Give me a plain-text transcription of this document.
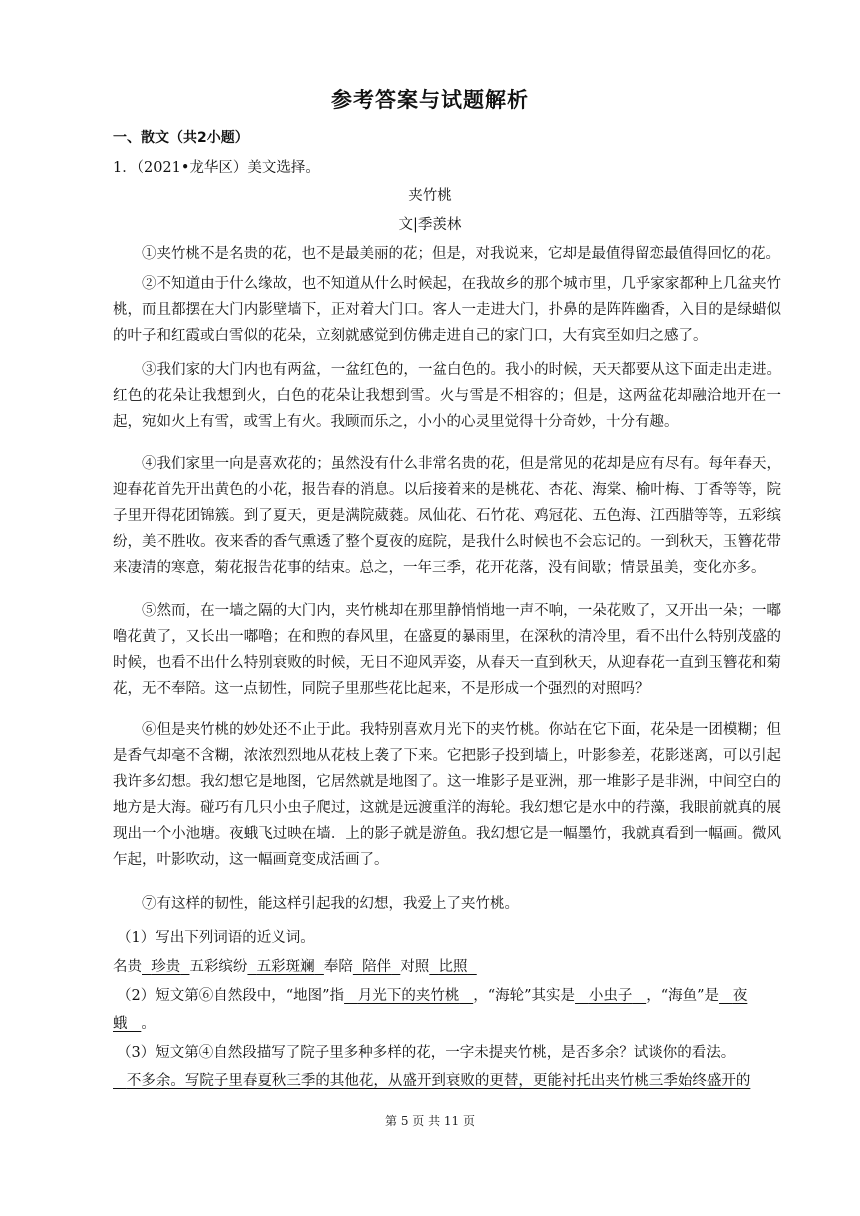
参考答案与试题解析
一、散文（共2小题）
1．（2021•龙华区）美文选择。
夹竹桃
文|季羡林
①夹竹桃不是名贵的花，也不是最美丽的花；但是，对我说来，它却是最值得留恋最值得回忆的花。
②不知道由于什么缘故，也不知道从什么时候起，在我故乡的那个城市里，几乎家家都种上几盆夹竹桃，而且都摆在大门内影壁墙下，正对着大门口。客人一走进大门，扑鼻的是阵阵幽香，入目的是绿蜡似的叶子和红霞或白雪似的花朵，立刻就感觉到仿佛走进自己的家门口，大有宾至如归之感了。
③我们家的大门内也有两盆，一盆红色的，一盆白色的。我小的时候，天天都要从这下面走出走进。红色的花朵让我想到火，白色的花朵让我想到雪。火与雪是不相容的；但是，这两盆花却融洽地开在一起，宛如火上有雪，或雪上有火。我顾而乐之，小小的心灵里觉得十分奇妙，十分有趣。
④我们家里一向是喜欢花的；虽然没有什么非常名贵的花，但是常见的花却是应有尽有。每年春天，迎春花首先开出黄色的小花，报告春的消息。以后接着来的是桃花、杏花、海棠、榆叶梅、丁香等等，院子里开得花团锦簇。到了夏天，更是满院葳蕤。凤仙花、石竹花、鸡冠花、五色海、江西腊等等，五彩缤纷，美不胜收。夜来香的香气熏透了整个夏夜的庭院，是我什么时候也不会忘记的。一到秋天，玉簪花带来凄清的寒意，菊花报告花事的结束。总之，一年三季，花开花落，没有间歇；情景虽美，变化亦多。
⑤然而，在一墙之隔的大门内，夹竹桃却在那里静悄悄地一声不响，一朵花败了，又开出一朵；一嘟噜花黄了，又长出一嘟噜；在和煦的春风里，在盛夏的暴雨里，在深秋的清冷里，看不出什么特别茂盛的时候，也看不出什么特别衰败的时候，无日不迎风弄姿，从春天一直到秋天，从迎春花一直到玉簪花和菊花，无不奉陪。这一点韧性，同院子里那些花比起来，不是形成一个强烈的对照吗？
⑥但是夹竹桃的妙处还不止于此。我特别喜欢月光下的夹竹桃。你站在它下面，花朵是一团模糊；但是香气却毫不含糊，浓浓烈烈地从花枝上袭了下来。它把影子投到墙上，叶影参差，花影迷离，可以引起我许多幻想。我幻想它是地图，它居然就是地图了。这一堆影子是亚洲，那一堆影子是非洲，中间空白的地方是大海。碰巧有几只小虫子爬过，这就是远渡重洋的海轮。我幻想它是水中的荇藻，我眼前就真的展现出一个小池塘。夜蛾飞过映在墙．上的影子就是游鱼。我幻想它是一幅墨竹，我就真看到一幅画。微风乍起，叶影吹动，这一幅画竟变成活画了。
⑦有这样的韧性，能这样引起我的幻想，我爱上了夹竹桃。
（1）写出下列词语的近义词。
名贵 珍贵 五彩缤纷 五彩斑斓 奉陪 陪伴 对照 比照
（2）短文第⑥自然段中，“地图”指 月光下的夹竹桃 ，“海轮”其实是 小虫子 ，“海鱼”是 夜
蛾 。
（3）短文第④自然段描写了院子里多种多样的花，一字未提夹竹桃，是否多余？试谈你的看法。
不多余。写院子里春夏秋三季的其他花，从盛开到衰败的更替，更能衬托出夹竹桃三季始终盛开的
第 5 页 共 11 页
